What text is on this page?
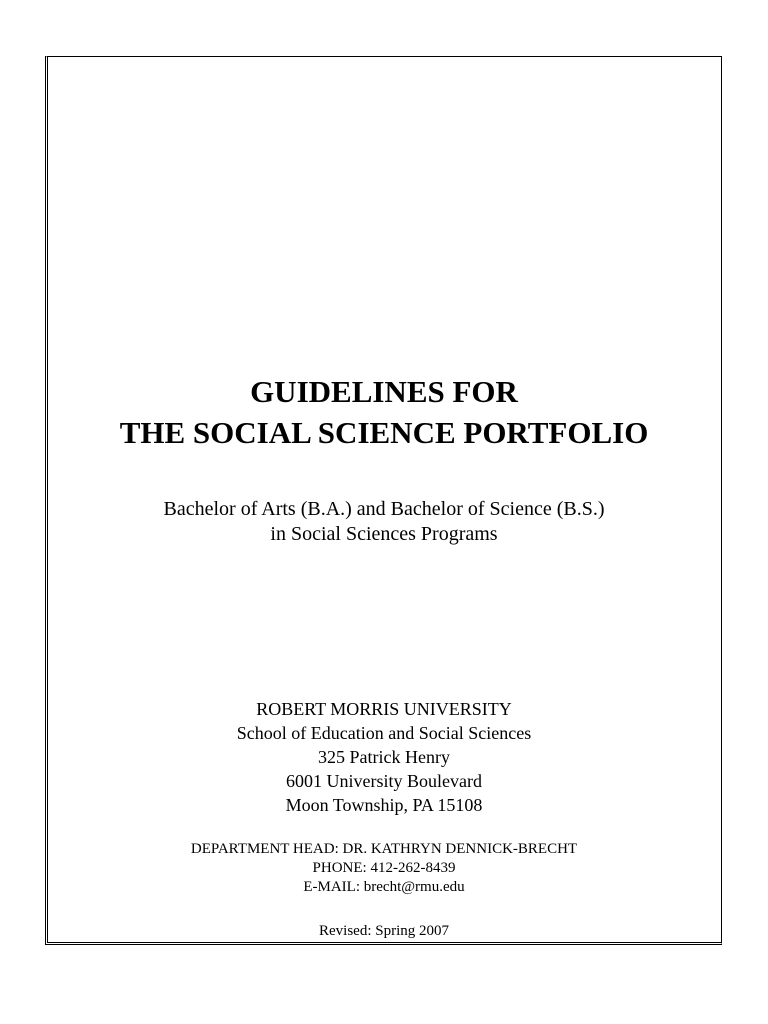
GUIDELINES FOR
THE SOCIAL SCIENCE PORTFOLIO
Bachelor of Arts (B.A.) and Bachelor of Science (B.S.)
in Social Sciences Programs
ROBERT MORRIS UNIVERSITY
School of Education and Social Sciences
325 Patrick Henry
6001 University Boulevard
Moon Township, PA 15108
DEPARTMENT HEAD: DR. KATHRYN DENNICK-BRECHT
PHONE: 412-262-8439
E-MAIL: brecht@rmu.edu
Revised: Spring 2007
